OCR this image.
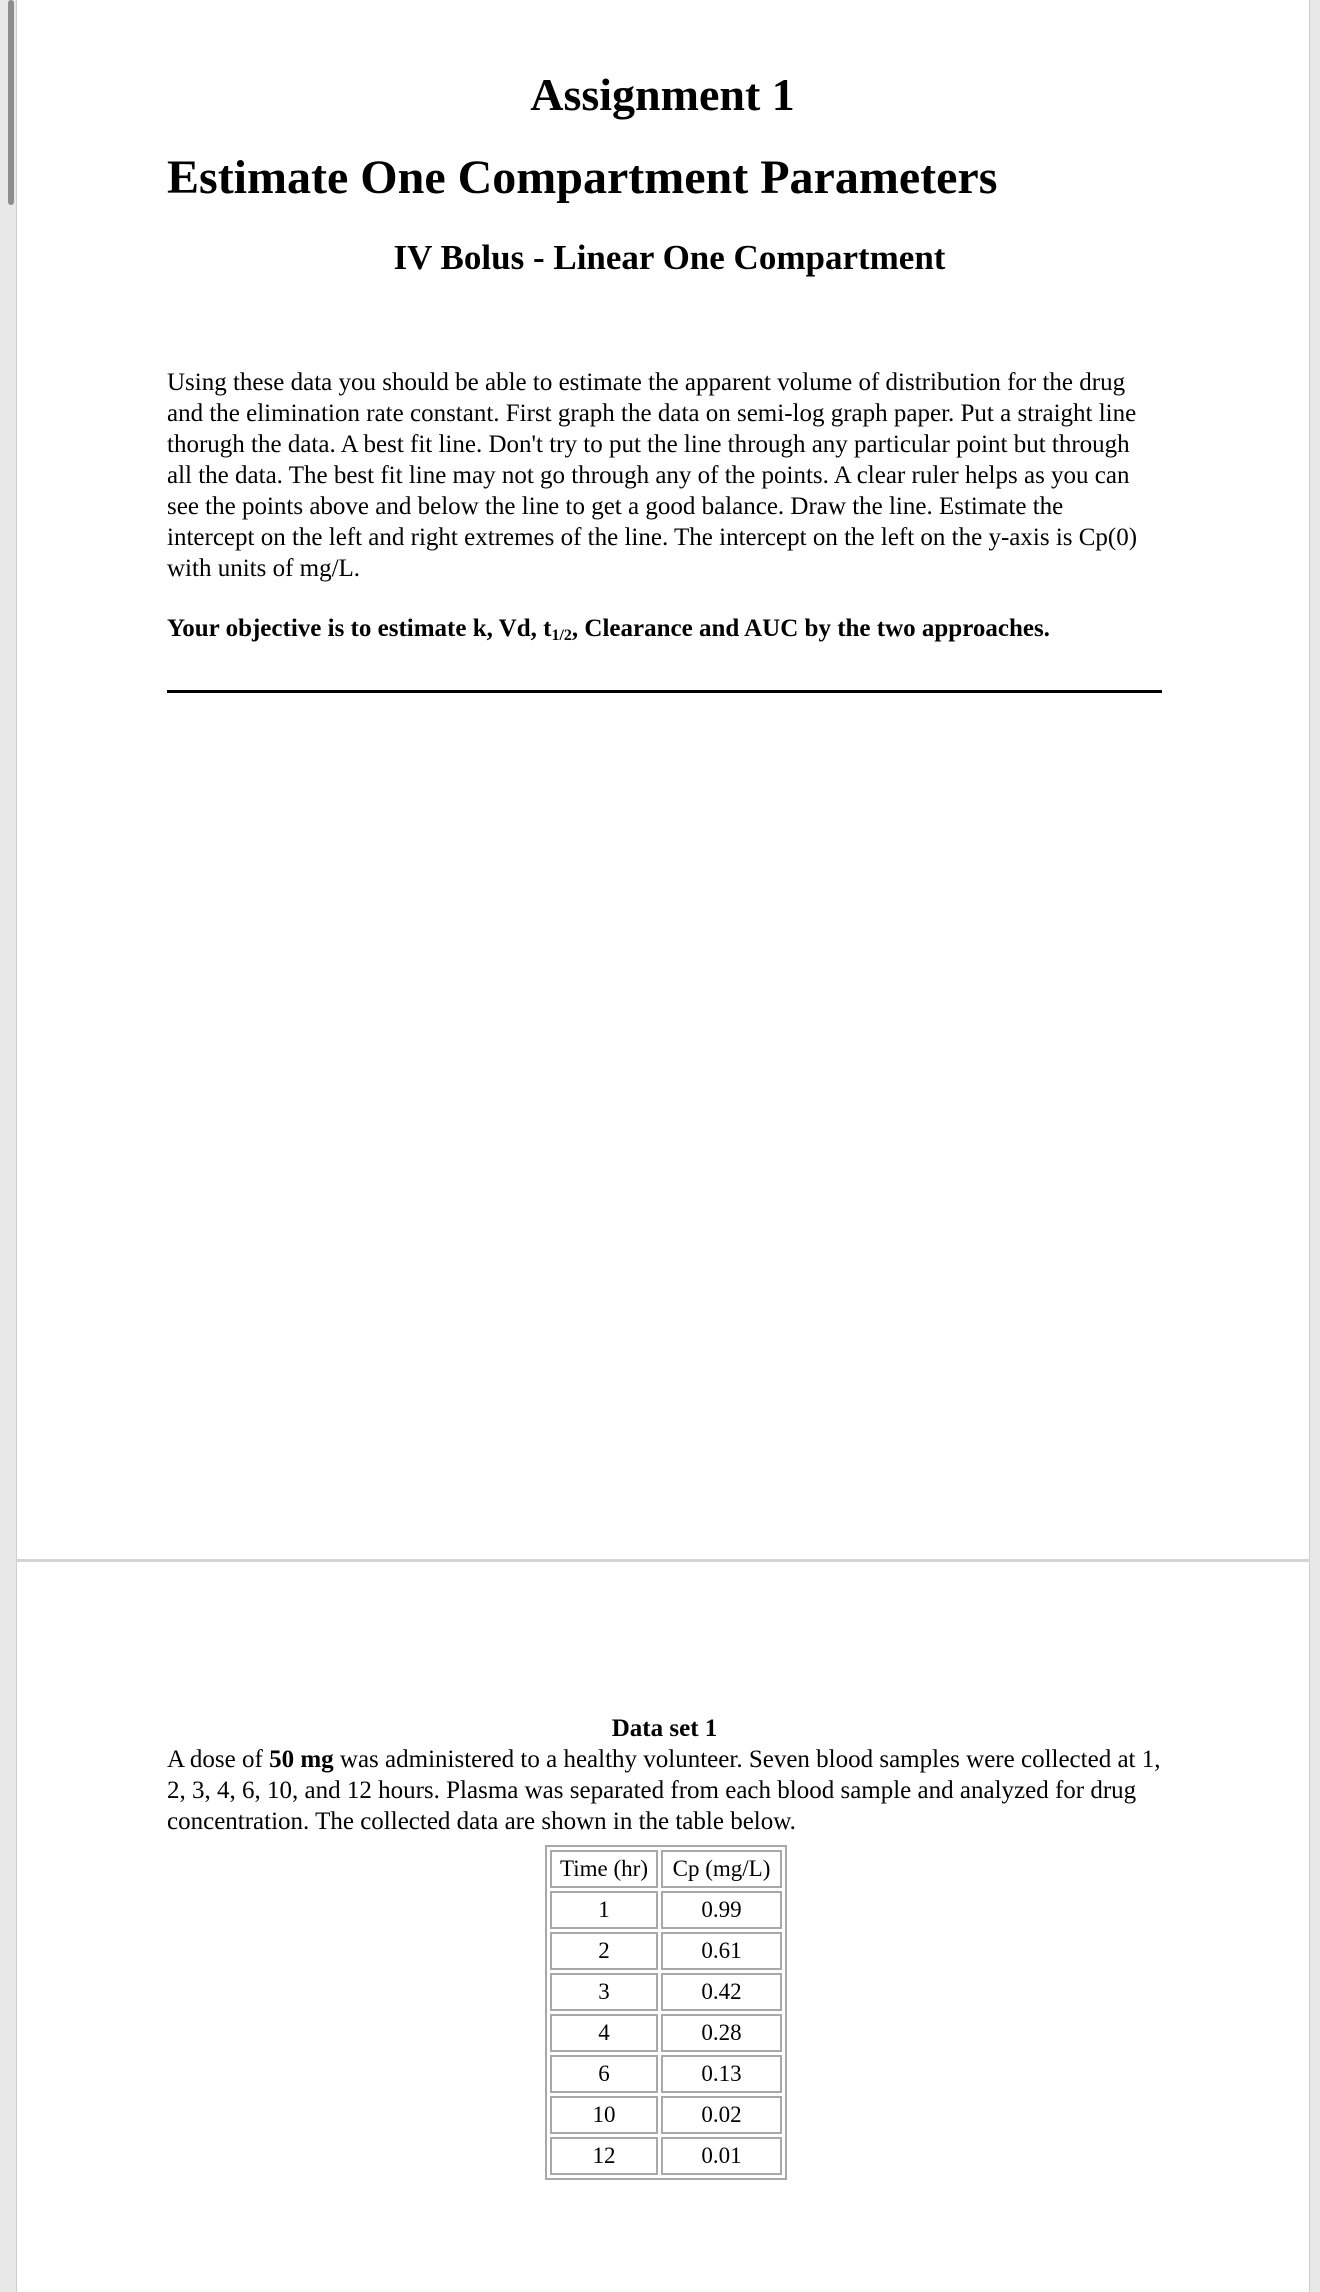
Assignment 1
Estimate One Compartment Parameters
IV Bolus - Linear One Compartment

Using these data you should be able to estimate the apparent volume of distribution for the drug and the elimination rate constant. First graph the data on semi-log graph paper. Put a straight line thorugh the data. A best fit line. Don't try to put the line through any particular point but through all the data. The best fit line may not go through any of the points. A clear ruler helps as you can see the points above and below the line to get a good balance. Draw the line. Estimate the intercept on the left and right extremes of the line. The intercept on the left on the y-axis is Cp(0) with units of mg/L.

Your objective is to estimate k, Vd, $t_{1/2}$, Clearance and AUC by the two approaches.

Data set 1

A dose of 50 mg was administered to a healthy volunteer. Seven blood samples were collected at 1, 2, 3, 4, 6, 10, and 12 hours. Plasma was separated from each blood sample and analyzed for drug concentration. The collected data are shown in the table below.

Time (hr)	Cp (mg/L)
1	0.99
2	0.61
3	0.42
4	0.28
6	0.13
10	0.02
12	0.01
